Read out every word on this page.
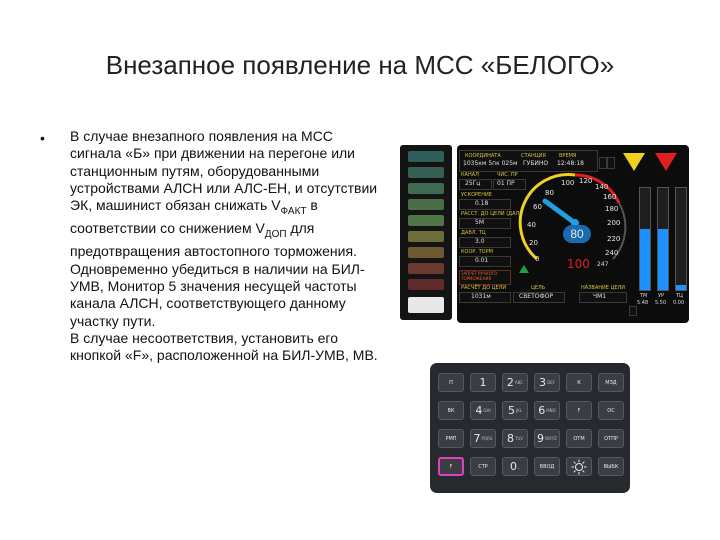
Внезапное появление на МСС «БЕЛОГО»
• В случае внезапного появления на МСС сигнала «Б» при движении на перегоне или станционным путям, оборудованными устройствами АЛСН или АЛС-ЕН, и отсутствии ЭК, машинист обязан снижать $V_{ФАКТ}$ в соответствии со снижением $V_{ДОП}$ для предотвращения автостопного торможения. Одновременно убедиться в наличии на БИЛ-УМВ, Монитор 5 значения несущей частоты канала АЛСН, соответствующего данному участку пути.
В случае несоответствия, установить его кнопкой «F», расположенной на БИЛ-УМВ, МВ.
КООРДИНАТА
1035км 5пк 025м
СТАНЦИЯ
ГУБИНО
ВРЕМЯ
12:48:18
КАНАЛ	ЧИС. ПР
25Гц	01 ПР
УСКОРЕНИЕ
0.18
РАССТ. ДО ЦЕЛИ (ДАЛ.)
5М
ДАВЛ. ТЦ
3.0
КООР. ТОРМ
0.01
ЗАПРЕТ РУЧНОГО ТОРМОЖЕНИЯ
0
20
40
60
80
100 120
140
160
180
200
220
240
80
100 247
РАСЧЁТ ДО ЦЕЛИ
1031м
ЦЕЛЬ
СВЕТОФОР
НАЗВАНИЕ ЦЕЛИ
ЧМ1	ТМ УР ТЦ
5.48 5.50 0.00
П 1 2 ABC 3 DEF	К	МЗД
ВК 4 GHI 5 JKL 6 MNO	F	ОС
РМП 7 PQRS 8 TUV 9 WXYZ	ОТМ	ОТПР
F	СТР 0 _	ВВОД	ВЫБК
